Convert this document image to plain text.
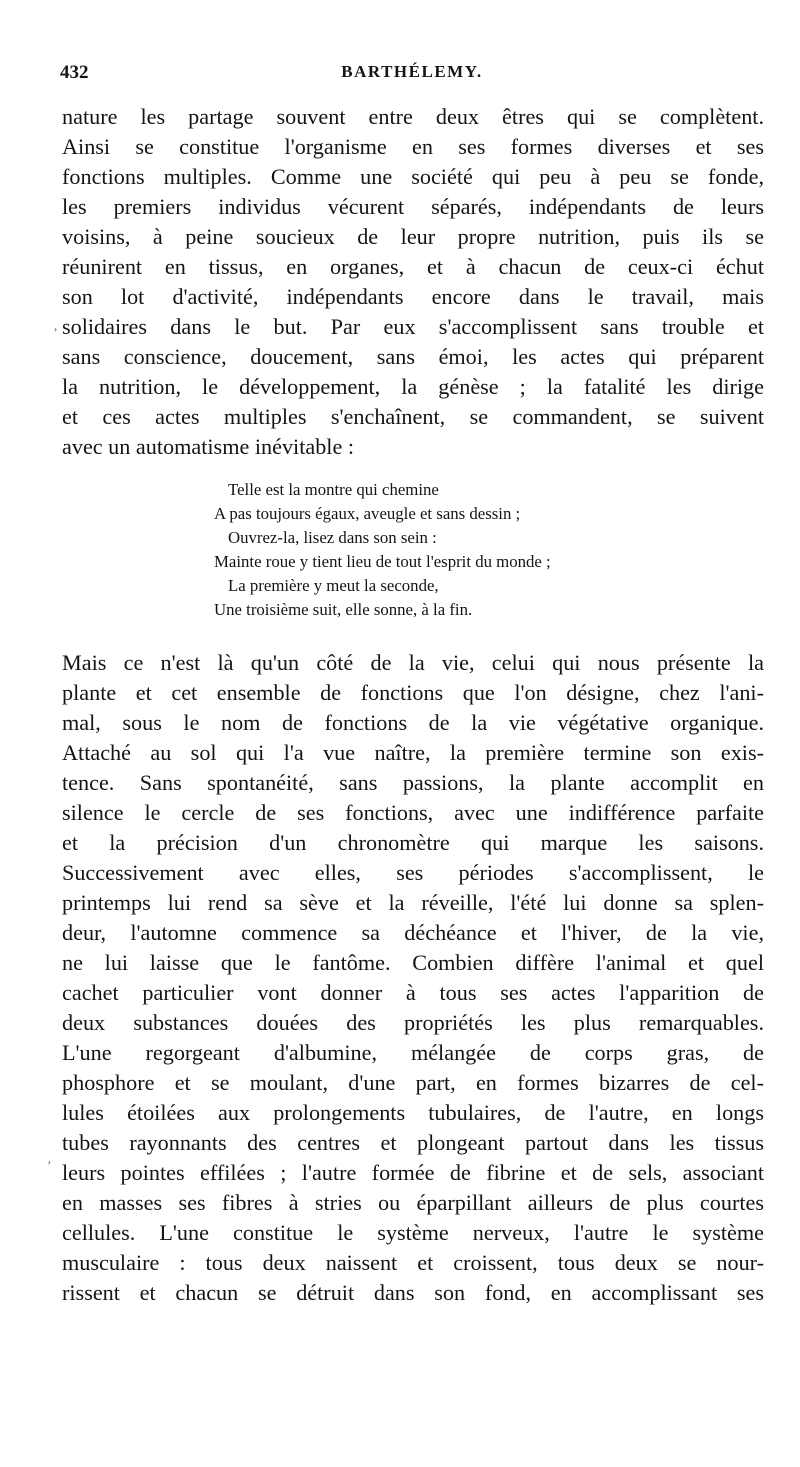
432	BARTHÉLEMY.
nature les partage souvent entre deux êtres qui se complètent.
Ainsi se constitue l'organisme en ses formes diverses et ses
fonctions multiples. Comme une société qui peu à peu se fonde,
les premiers individus vécurent séparés, indépendants de leurs
voisins, à peine soucieux de leur propre nutrition, puis ils se
réunirent en tissus, en organes, et à chacun de ceux-ci échut
son lot d'activité, indépendants encore dans le travail, mais
solidaires dans le but. Par eux s'accomplissent sans trouble et
sans conscience, doucement, sans émoi, les actes qui préparent
la nutrition, le développement, la génèse ; la fatalité les dirige
et ces actes multiples s'enchaînent, se commandent, se suivent
avec un automatisme inévitable :
Telle est la montre qui chemine
A pas toujours égaux, aveugle et sans dessin ;
Ouvrez-la, lisez dans son sein :
Mainte roue y tient lieu de tout l'esprit du monde ;
La première y meut la seconde,
Une troisième suit, elle sonne, à la fin.
Mais ce n'est là qu'un côté de la vie, celui qui nous présente la
plante et cet ensemble de fonctions que l'on désigne, chez l'ani-
mal, sous le nom de fonctions de la vie végétative organique.
Attaché au sol qui l'a vue naître, la première termine son exis-
tence. Sans spontanéité, sans passions, la plante accomplit en
silence le cercle de ses fonctions, avec une indifférence parfaite
et la précision d'un chronomètre qui marque les saisons.
Successivement avec elles, ses périodes s'accomplissent, le
printemps lui rend sa sève et la réveille, l'été lui donne sa splen-
deur, l'automne commence sa déchéance et l'hiver, de la vie,
ne lui laisse que le fantôme. Combien diffère l'animal et quel
cachet particulier vont donner à tous ses actes l'apparition de
deux substances douées des propriétés les plus remarquables.
L'une regorgeant d'albumine, mélangée de corps gras, de
phosphore et se moulant, d'une part, en formes bizarres de cel-
lules étoilées aux prolongements tubulaires, de l'autre, en longs
tubes rayonnants des centres et plongeant partout dans les tissus
leurs pointes effilées ; l'autre formée de fibrine et de sels, associant
en masses ses fibres à stries ou éparpillant ailleurs de plus courtes
cellules. L'une constitue le système nerveux, l'autre le système
musculaire : tous deux naissent et croissent, tous deux se nour-
rissent et chacun se détruit dans son fond, en accomplissant ses
,
′
